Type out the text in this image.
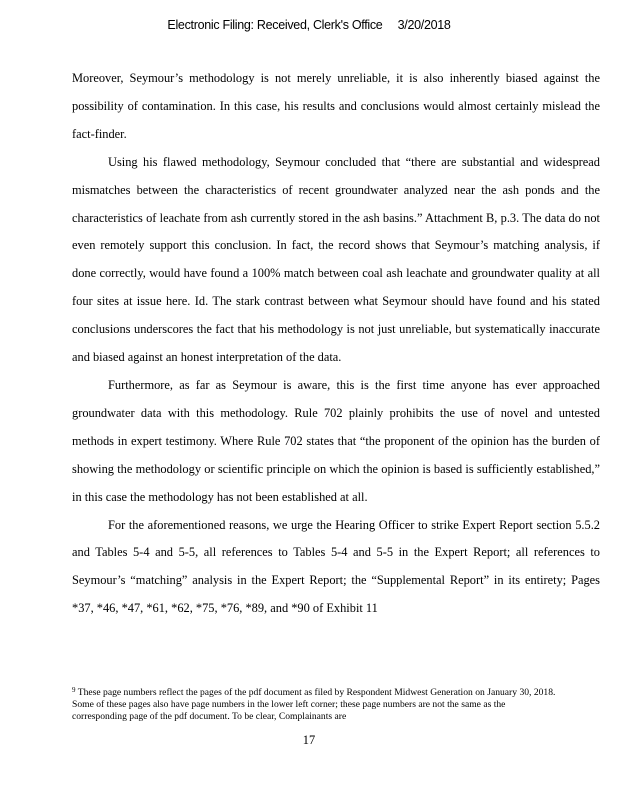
Electronic Filing: Received, Clerk's Office 3/20/2018

Moreover, Seymour’s methodology is not merely unreliable, it is also inherently biased against the possibility of contamination. In this case, his results and conclusions would almost certainly mislead the fact-finder.

Using his flawed methodology, Seymour concluded that “there are substantial and widespread mismatches between the characteristics of recent groundwater analyzed near the ash ponds and the characteristics of leachate from ash currently stored in the ash basins.” Attachment B, p.3. The data do not even remotely support this conclusion. In fact, the record shows that Seymour’s matching analysis, if done correctly, would have found a 100% match between coal ash leachate and groundwater quality at all four sites at issue here. Id. The stark contrast between what Seymour should have found and his stated conclusions underscores the fact that his methodology is not just unreliable, but systematically inaccurate and biased against an honest interpretation of the data.

Furthermore, as far as Seymour is aware, this is the first time anyone has ever approached groundwater data with this methodology. Rule 702 plainly prohibits the use of novel and untested methods in expert testimony. Where Rule 702 states that “the proponent of the opinion has the burden of showing the methodology or scientific principle on which the opinion is based is sufficiently established,” in this case the methodology has not been established at all.

For the aforementioned reasons, we urge the Hearing Officer to strike Expert Report section 5.5.2 and Tables 5-4 and 5-5, all references to Tables 5-4 and 5-5 in the Expert Report; all references to Seymour’s “matching” analysis in the Expert Report; the “Supplemental Report” in its entirety; Pages *37, *46, *47, *61, *62, *75, *76, *89, and *90 of Exhibit 11

$^9$ These page numbers reflect the pages of the pdf document as filed by Respondent Midwest Generation on January 30, 2018. Some of these pages also have page numbers in the lower left corner; these page numbers are not the same as the corresponding page of the pdf document. To be clear, Complainants are
17
